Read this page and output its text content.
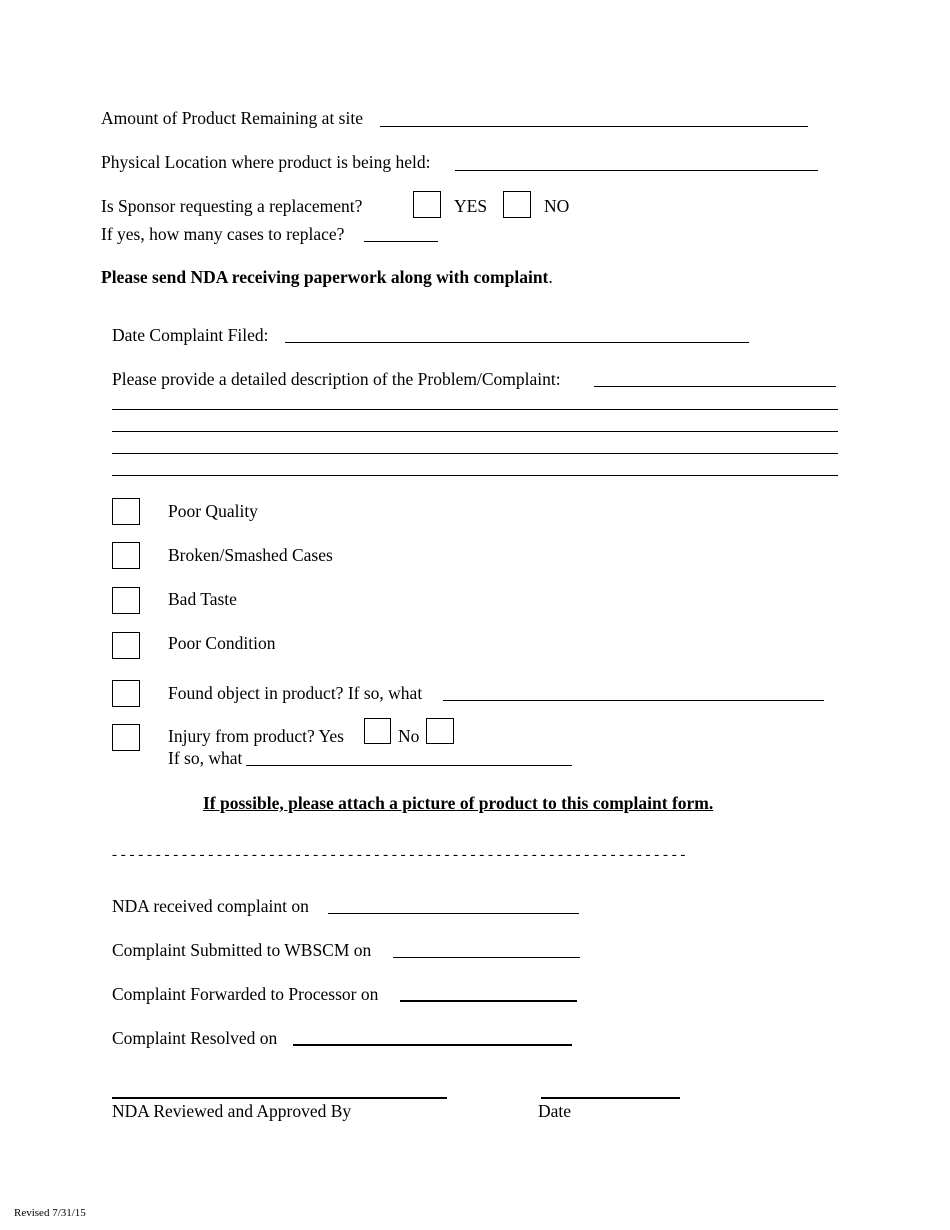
Amount of Product Remaining at site
Physical Location where product is being held:
Is Sponsor requesting a replacement?	YES	NO
If yes, how many cases to replace?
Please send NDA receiving paperwork along with complaint.
Date Complaint Filed:
Please provide a detailed description of the Problem/Complaint:
Poor Quality
Broken/Smashed Cases
Bad Taste
Poor Condition
Found object in product? If so, what
Injury from product? Yes	No
If so, what
If possible, please attach a picture of product to this complaint form.
- - - - - - - - - - - - - - - - - - - - - - - - - - - - - - - - - - - - - - - - - - - - - - - - - - - - - - - - - - - - - - - - - -
NDA received complaint on
Complaint Submitted to WBSCM on
Complaint Forwarded to Processor on
Complaint Resolved on
NDA Reviewed and Approved By	Date
Revised 7/31/15
